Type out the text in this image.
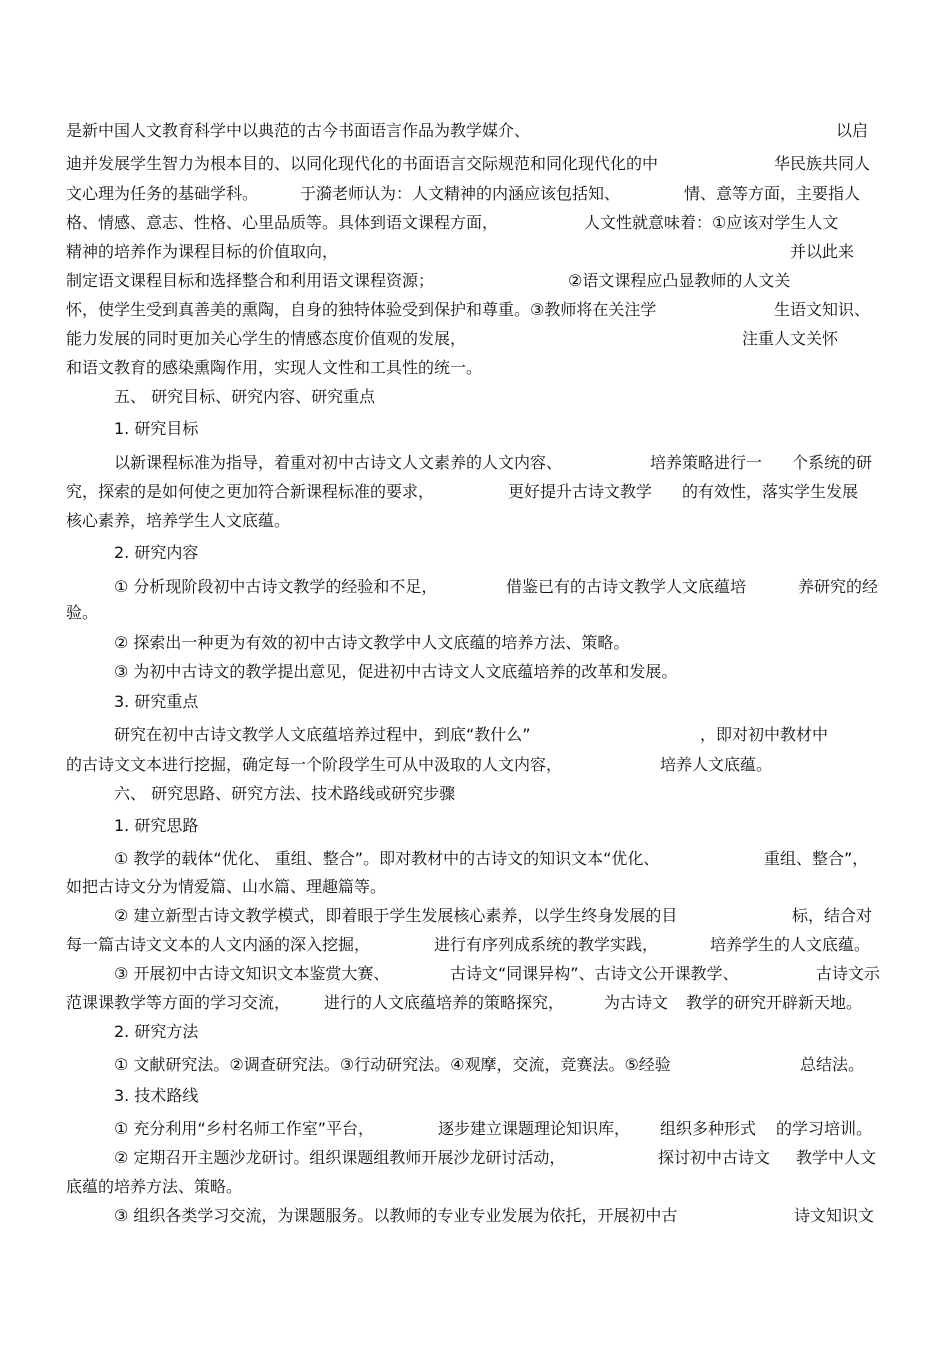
是新中国人文教育科学中以典范的古今书面语言作品为教学媒介、	以启
迪并发展学生智力为根本目的、以同化现代化的书面语言交际规范和同化现代化的中	华民族共同人
文心理为任务的基础学科。	于漪老师认为：人文精神的内涵应该包括知、	情、意等方面，主要指人
格、情感、意志、性格、心里品质等。具体到语文课程方面，	人文性就意味着：①应该对学生人文
精神的培养作为课程目标的价值取向，	并以此来
制定语文课程目标和选择整合和利用语文课程资源；	②语文课程应凸显教师的人文关
怀，使学生受到真善美的熏陶，自身的独特体验受到保护和尊重。③教师将在关注学	生语文知识、
能力发展的同时更加关心学生的情感态度价值观的发展，	注重人文关怀
和语文教育的感染熏陶作用，实现人文性和工具性的统一。
五、 研究目标、研究内容、研究重点
1. 研究目标
以新课程标准为指导，着重对初中古诗文人文素养的人文内容、	培养策略进行一 个系统的研
究，探索的是如何使之更加符合新课程标准的要求，	更好提升古诗文教学 的有效性，落实学生发展
核心素养，培养学生人文底蕴。
2. 研究内容
① 分析现阶段初中古诗文教学的经验和不足，	借鉴已有的古诗文教学人文底蕴培	养研究的经
验。
② 探索出一种更为有效的初中古诗文教学中人文底蕴的培养方法、策略。
③ 为初中古诗文的教学提出意见，促进初中古诗文人文底蕴培养的改革和发展。
3. 研究重点
研究在初中古诗文教学人文底蕴培养过程中，到底“教什么”	，即对初中教材中
的古诗文文本进行挖掘，确定每一个阶段学生可从中汲取的人文内容，	培养人文底蕴。
六、 研究思路、研究方法、技术路线或研究步骤
1. 研究思路
① 教学的载体“优化、 重组、整合”。即对教材中的古诗文的知识文本“优化、	重组、整合”，
如把古诗文分为情爱篇、山水篇、理趣篇等。
② 建立新型古诗文教学模式，即着眼于学生发展核心素养，以学生终身发展的目	标，结合对
每一篇古诗文文本的人文内涵的深入挖掘，	进行有序列成系统的教学实践，	培养学生的人文底蕴。
③ 开展初中古诗文知识文本鉴赏大赛、	古诗文“同课异构”、古诗文公开课教学、	古诗文示
范课课教学等方面的学习交流， 进行的人文底蕴培养的策略探究， 为古诗文 教学的研究开辟新天地。
2. 研究方法
① 文献研究法。②调查研究法。③行动研究法。④观摩，交流，竞赛法。⑤经验	总结法。
3. 技术路线
① 充分利用“乡村名师工作室”平台，	逐步建立课题理论知识库， 组织多种形式 的学习培训。
② 定期召开主题沙龙研讨。组织课题组教师开展沙龙研讨活动，	探讨初中古诗文 教学中人文
底蕴的培养方法、策略。
③ 组织各类学习交流，为课题服务。以教师的专业专业发展为依托，开展初中古	诗文知识文
